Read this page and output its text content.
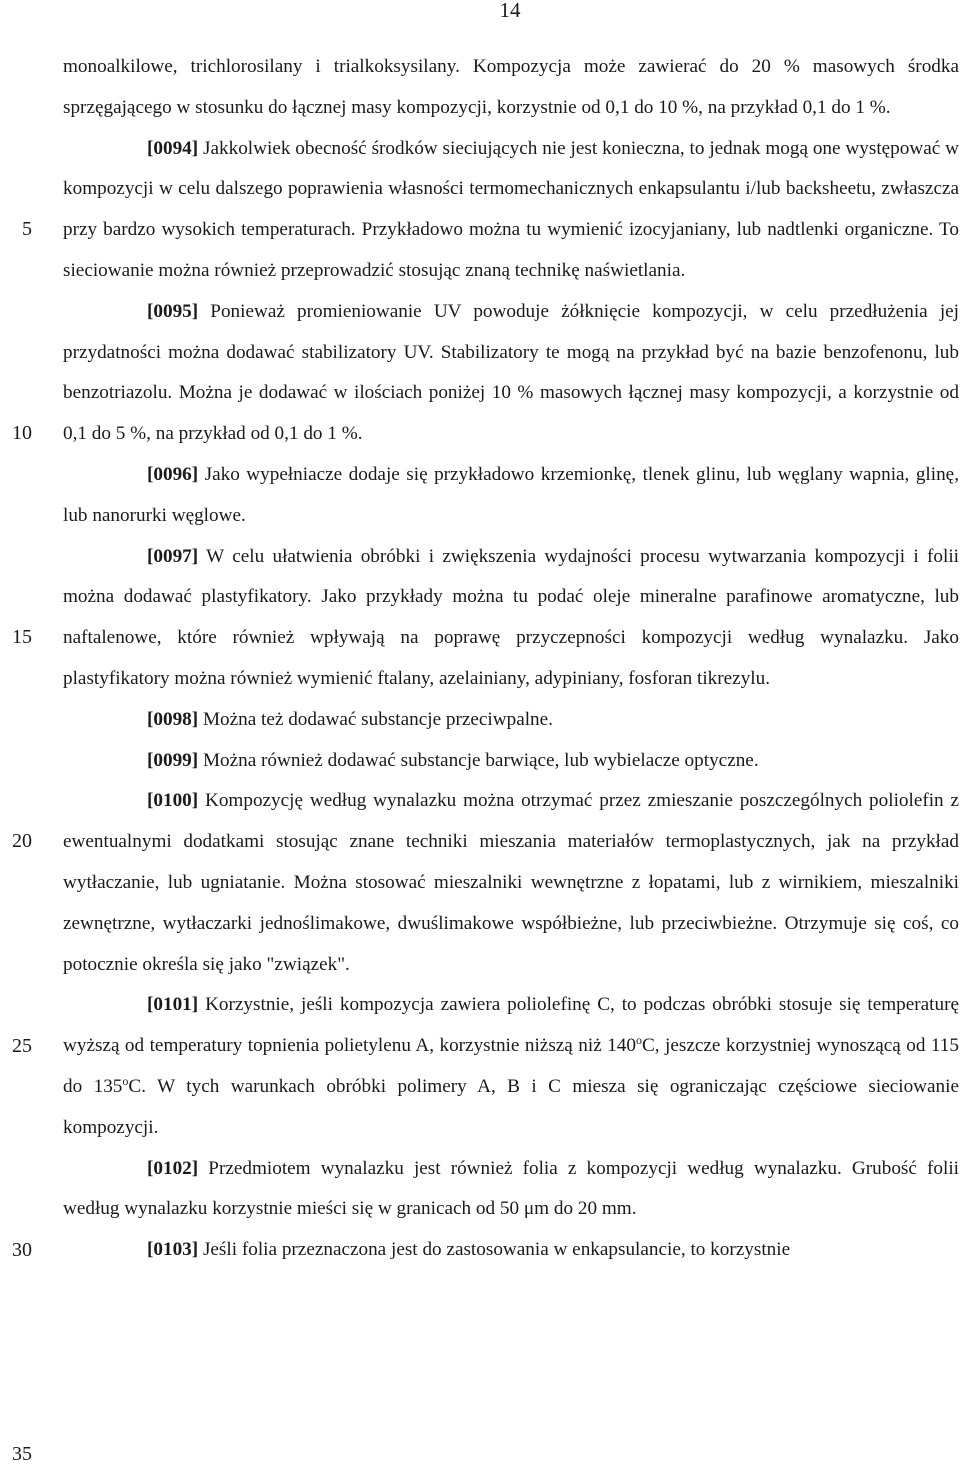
14
5
10
15
20
25
30
35

monoalkilowe, trichlorosilany i trialkoksysilany. Kompozycja może zawierać do 20 % masowych środka sprzęgającego w stosunku do łącznej masy kompozycji, korzystnie od 0,1 do 10 %, na przykład 0,1 do 1 %.

[0094] Jakkolwiek obecność środków sieciujących nie jest konieczna, to jednak mogą one występować w kompozycji w celu dalszego poprawienia własności termomechanicznych enkapsulantu i/lub backsheetu, zwłaszcza przy bardzo wysokich temperaturach. Przykładowo można tu wymienić izocyjaniany, lub nadtlenki organiczne. To sieciowanie można również przeprowadzić stosując znaną technikę naświetlania.

[0095] Ponieważ promieniowanie UV powoduje żółknięcie kompozycji, w celu przedłużenia jej przydatności można dodawać stabilizatory UV. Stabilizatory te mogą na przykład być na bazie benzofenonu, lub benzotriazolu. Można je dodawać w ilościach poniżej 10 % masowych łącznej masy kompozycji, a korzystnie od 0,1 do 5 %, na przykład od 0,1 do 1 %.

[0096] Jako wypełniacze dodaje się przykładowo krzemionkę, tlenek glinu, lub węglany wapnia, glinę, lub nanorurki węglowe.

[0097] W celu ułatwienia obróbki i zwiększenia wydajności procesu wytwarzania kompozycji i folii można dodawać plastyfikatory. Jako przykłady można tu podać oleje mineralne parafinowe aromatyczne, lub naftalenowe, które również wpływają na poprawę przyczepności kompozycji według wynalazku. Jako plastyfikatory można również wymienić ftalany, azelainiany, adypiniany, fosforan tikrezylu.

[0098] Można też dodawać substancje przeciwpalne.

[0099] Można również dodawać substancje barwiące, lub wybielacze optyczne.

[0100] Kompozycję według wynalazku można otrzymać przez zmieszanie poszczególnych poliolefin z ewentualnymi dodatkami stosując znane techniki mieszania materiałów termoplastycznych, jak na przykład wytłaczanie, lub ugniatanie. Można stosować mieszalniki wewnętrzne z łopatami, lub z wirnikiem, mieszalniki zewnętrzne, wytłaczarki jednoślimakowe, dwuślimakowe współbieżne, lub przeciwbieżne. Otrzymuje się coś, co potocznie określa się jako "związek".

[0101] Korzystnie, jeśli kompozycja zawiera poliolefinę C, to podczas obróbki stosuje się temperaturę wyższą od temperatury topnienia polietylenu A, korzystnie niższą niż 140$^o$C, jeszcze korzystniej wynoszącą od 115 do 135$^o$C. W tych warunkach obróbki polimery A, B i C miesza się ograniczając częściowe sieciowanie kompozycji.

[0102] Przedmiotem wynalazku jest również folia z kompozycji według wynalazku. Grubość folii według wynalazku korzystnie mieści się w granicach od 50 μm do 20 mm.

[0103] Jeśli folia przeznaczona jest do zastosowania w enkapsulancie, to korzystnie
